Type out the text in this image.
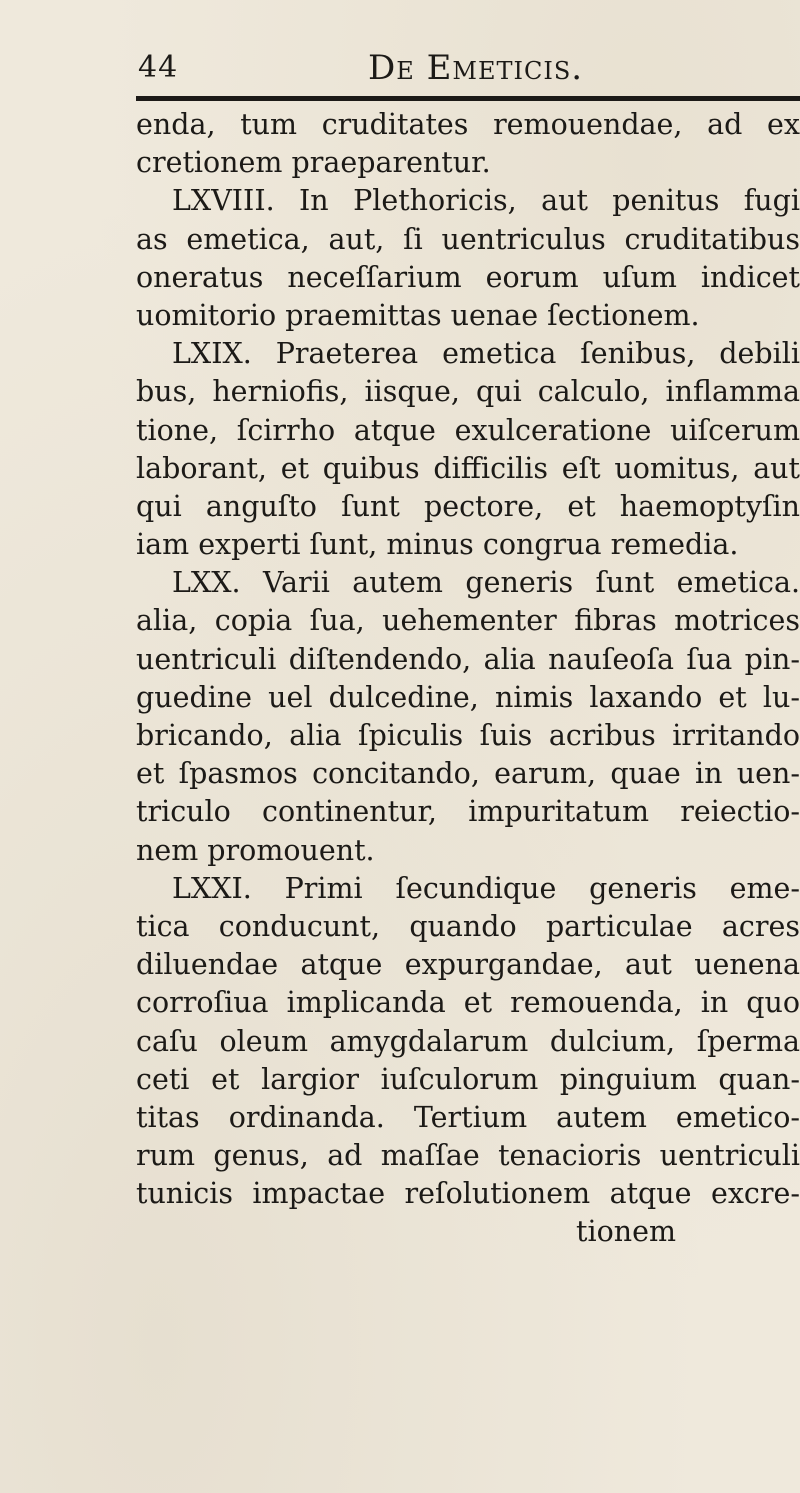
44	De Emeticis.
enda, tum cruditates remouendae, ad ex
cretionem praeparentur.
LXVIII. In Plethoricis, aut penitus fugi
as emetica, aut, ſi uentriculus cruditatibus
oneratus neceſſarium eorum uſum indicet
uomitorio praemittas uenae ſectionem.
LXIX. Praeterea emetica ſenibus, debili
bus, herniofis, iisque, qui calculo, inflamma
tione, ſcirrho atque exulceratione uiſcerum
laborant, et quibus difficilis eſt uomitus, aut
qui anguſto ſunt pectore, et haemoptyſin
iam experti ſunt, minus congrua remedia.
LXX. Varii autem generis ſunt emetica.
alia, copia ſua, uehementer fibras motrices
uentriculi diſtendendo, alia nauſeoſa ſua pin-
guedine uel dulcedine, nimis laxando et lu-
bricando, alia ſpiculis ſuis acribus irritando
et ſpasmos concitando, earum, quae in uen-
triculo continentur, impuritatum reiectio-
nem promouent.
LXXI. Primi ſecundique generis eme-
tica conducunt, quando particulae acres
diluendae atque expurgandae, aut uenena
corroſiua implicanda et remouenda, in quo
caſu oleum amygdalarum dulcium, ſperma
ceti et largior iuſculorum pinguium quan-
titas ordinanda. Tertium autem emetico-
rum genus, ad maſſae tenacioris uentriculi
tunicis impactae reſolutionem atque excre-
tionem
